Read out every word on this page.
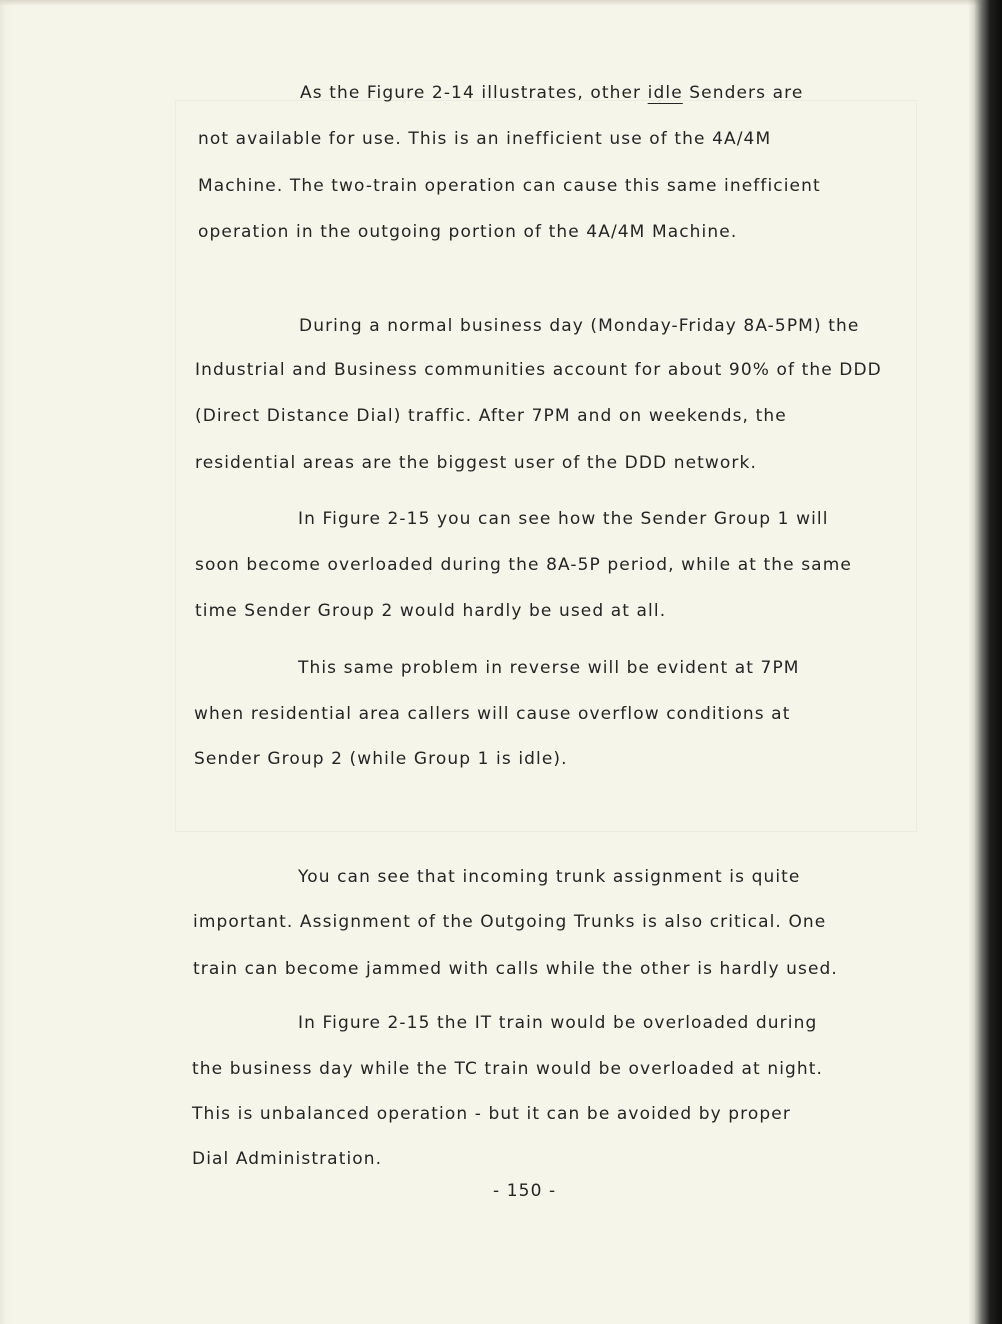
As the Figure 2-14 illustrates, other idle Senders are

not available for use. This is an inefficient use of the 4A/4M

Machine. The two-train operation can cause this same inefficient

operation in the outgoing portion of the 4A/4M Machine.

During a normal business day (Monday-Friday 8A-5PM) the

Industrial and Business communities account for about 90% of the DDD

(Direct Distance Dial) traffic. After 7PM and on weekends, the

residential areas are the biggest user of the DDD network.

In Figure 2-15 you can see how the Sender Group 1 will

soon become overloaded during the 8A-5P period, while at the same

time Sender Group 2 would hardly be used at all.

This same problem in reverse will be evident at 7PM

when residential area callers will cause overflow conditions at

Sender Group 2 (while Group 1 is idle).

You can see that incoming trunk assignment is quite

important. Assignment of the Outgoing Trunks is also critical. One

train can become jammed with calls while the other is hardly used.

In Figure 2-15 the IT train would be overloaded during

the business day while the TC train would be overloaded at night.

This is unbalanced operation - but it can be avoided by proper

Dial Administration.

- 150 -
